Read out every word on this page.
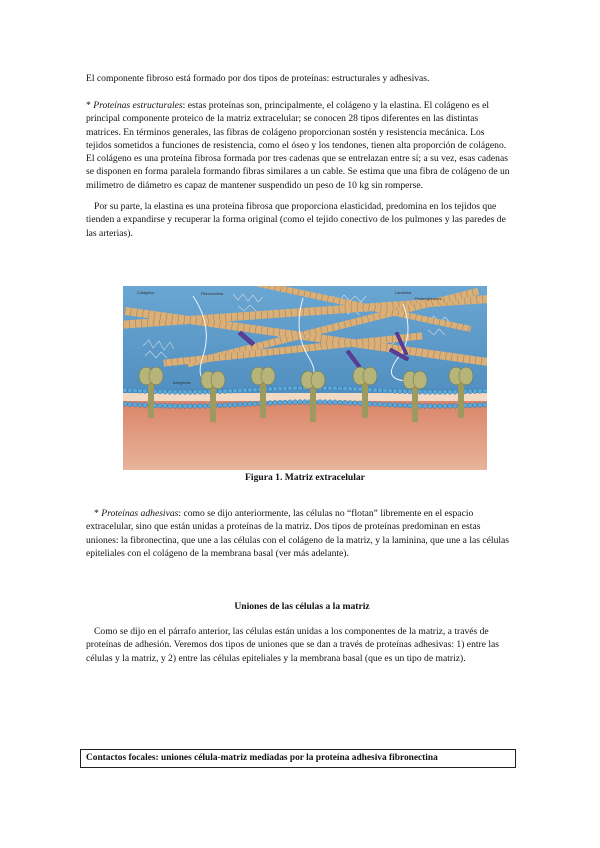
El componente fibroso está formado por dos tipos de proteínas: estructurales y adhesivas.

* Proteínas estructurales: estas proteínas son, principalmente, el colágeno y la elastina. El colágeno es el principal componente proteico de la matriz extracelular; se conocen 28 tipos diferentes en las distintas matrices. En términos generales, las fibras de colágeno proporcionan sostén y resistencia mecánica. Los tejidos sometidos a funciones de resistencia, como el óseo y los tendones, tienen alta proporción de colágeno. El colágeno es una proteína fibrosa formada por tres cadenas que se entrelazan entre sí; a su vez, esas cadenas se disponen en forma paralela formando fibras similares a un cable. Se estima que una fibra de colágeno de un milímetro de diámetro es capaz de mantener suspendido un peso de 10 kg sin romperse.

Por su parte, la elastina es una proteína fibrosa que proporciona elasticidad, predomina en los tejidos que tienden a expandirse y recuperar la forma original (como el tejido conectivo de los pulmones y las paredes de las arterias).

Colágeno	Fibronectina	Laminina
Proteoglicanos
Integrinas
Figura 1. Matriz extracelular

* Proteínas adhesivas: como se dijo anteriormente, las células no “flotan” libremente en el espacio extracelular, sino que están unidas a proteínas de la matriz. Dos tipos de proteínas predominan en estas uniones: la fibronectina, que une a las células con el colágeno de la matriz, y la laminina, que une a las células epiteliales con el colágeno de la membrana basal (ver más adelante).

Uniones de las células a la matriz

Como se dijo en el párrafo anterior, las células están unidas a los componentes de la matriz, a través de proteínas de adhesión. Veremos dos tipos de uniones que se dan a través de proteínas adhesivas: 1) entre las células y la matriz, y 2) entre las células epiteliales y la membrana basal (que es un tipo de matriz).

Contactos focales: uniones célula-matriz mediadas por la proteína adhesiva fibronectina
